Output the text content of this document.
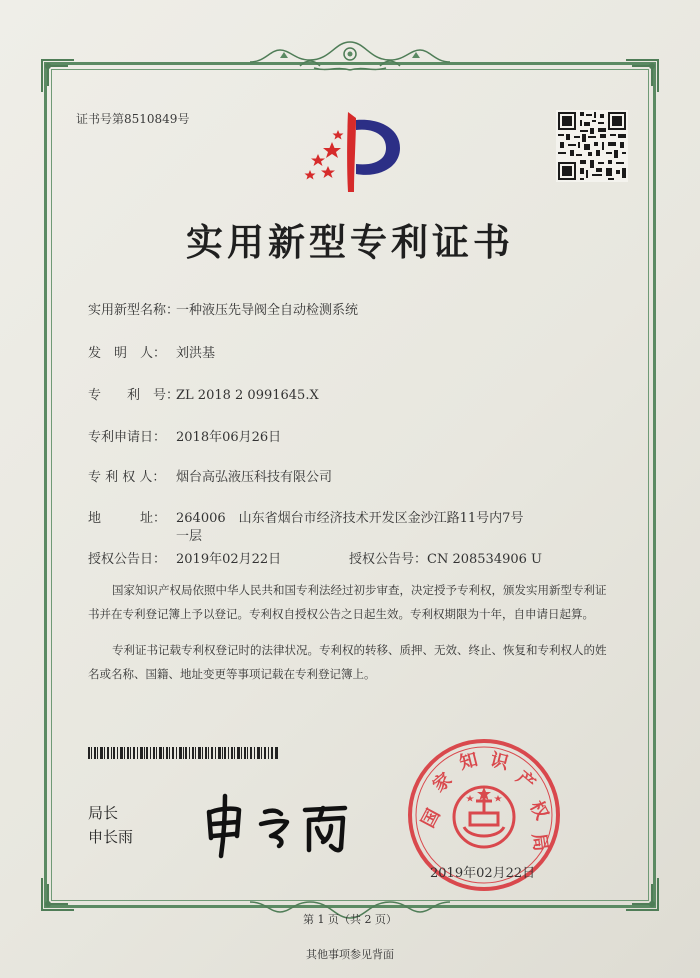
证书号第8510849号
实用新型专利证书
实用新型名称：一种液压先导阀全自动检测系统
发　明　人： 刘洪基
专　　利　号：ZL 2018 2 0991645.X
专利申请日： 2018年06月26日
专 利 权 人： 烟台高弘液压科技有限公司
地　　　址： 264006　山东省烟台市经济技术开发区金沙江路11号内7号
一层
授权公告日： 2019年02月22日	授权公告号：CN 208534906 U
国家知识产权局依照中华人民共和国专利法经过初步审查，决定授予专利权，颁发实用新型专利证书并在专利登记簿上予以登记。专利权自授权公告之日起生效。专利权期限为十年，自申请日起算。
专利证书记载专利权登记时的法律状况。专利权的转移、质押、无效、终止、恢复和专利权人的姓名或名称、国籍、地址变更等事项记载在专利登记簿上。
局长
申长雨
国
家
知 识
产
权
局
2019年02月22日
第 1 页（共 2 页）
其他事项参见背面
